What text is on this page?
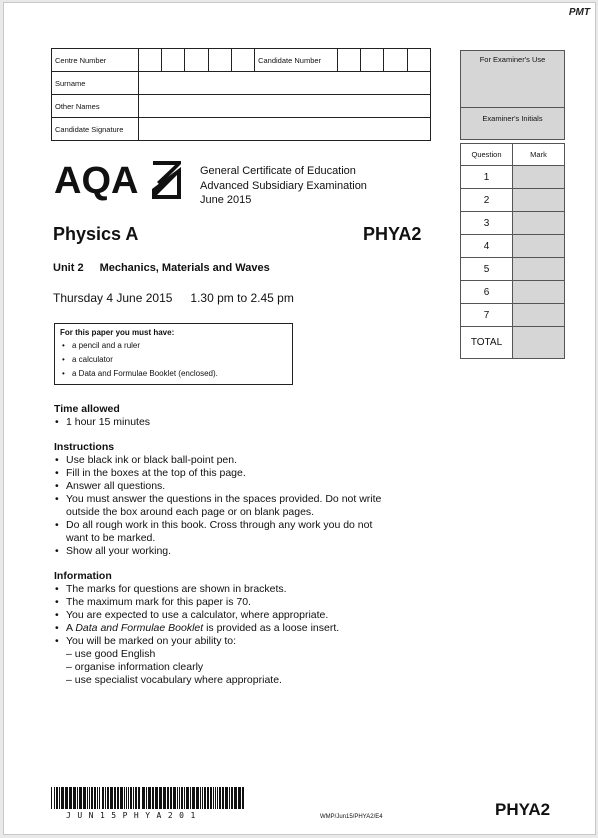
PMT
Centre Number						Candidate Number				
Surname										
Other Names										
Candidate Signature										
For Examiner's Use
Examiner's Initials
Question	Mark
1	
2	
3	
4	
5	
6	
7	
TOTAL	
AQA	General Certificate of Education
Advanced Subsidiary Examination
June 2015
Physics A	PHYA2
Unit 2 Mechanics, Materials and Waves
Thursday 4 June 2015 1.30 pm to 2.45 pm
For this paper you must have:
• a pencil and a ruler
• a calculator
• a Data and Formulae Booklet (enclosed).
Time allowed
• 1 hour 15 minutes
Instructions
• Use black ink or black ball-point pen.
• Fill in the boxes at the top of this page.
• Answer all questions.
• You must answer the questions in the spaces provided. Do not write
outside the box around each page or on blank pages.
• Do all rough work in this book. Cross through any work you do not
want to be marked.
• Show all your working.
Information
• The marks for questions are shown in brackets.
• The maximum mark for this paper is 70.
• You are expected to use a calculator, where appropriate.
• A Data and Formulae Booklet is provided as a loose insert.
• You will be marked on your ability to:
– use good English
– organise information clearly
– use specialist vocabulary where appropriate.
JUN15PHYA201	WMP/Jun15/PHYA2/E4	PHYA2
